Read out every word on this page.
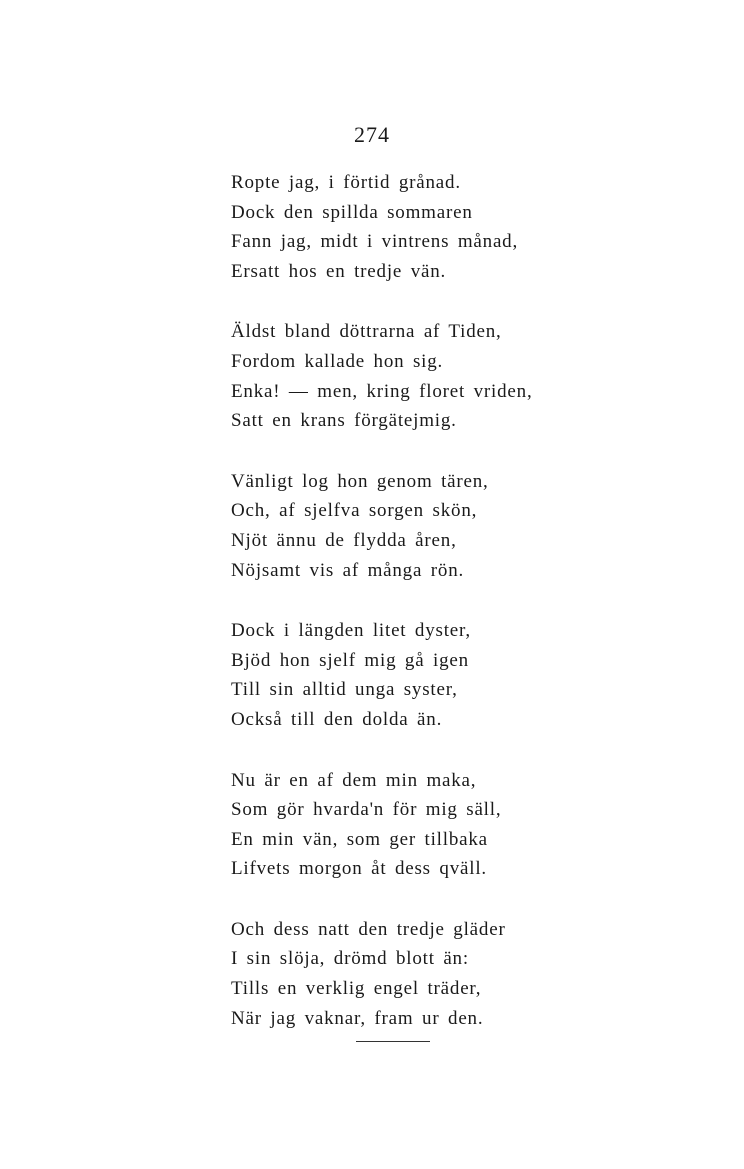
274
Ropte jag, i förtid grånad.
Dock den spillda sommaren
Fann jag, midt i vintrens månad,
Ersatt hos en tredje vän.
Äldst bland döttrarna af Tiden,
Fordom kallade hon sig.
Enka! — men, kring floret vriden,
Satt en krans förgätejmig.
Vänligt log hon genom tären,
Och, af sjelfva sorgen skön,
Njöt ännu de flydda åren,
Nöjsamt vis af många rön.
Dock i längden litet dyster,
Bjöd hon sjelf mig gå igen
Till sin alltid unga syster,
Också till den dolda än.
Nu är en af dem min maka,
Som gör hvarda'n för mig säll,
En min vän, som ger tillbaka
Lifvets morgon åt dess qväll.
Och dess natt den tredje gläder
I sin slöja, drömd blott än:
Tills en verklig engel träder,
När jag vaknar, fram ur den.
